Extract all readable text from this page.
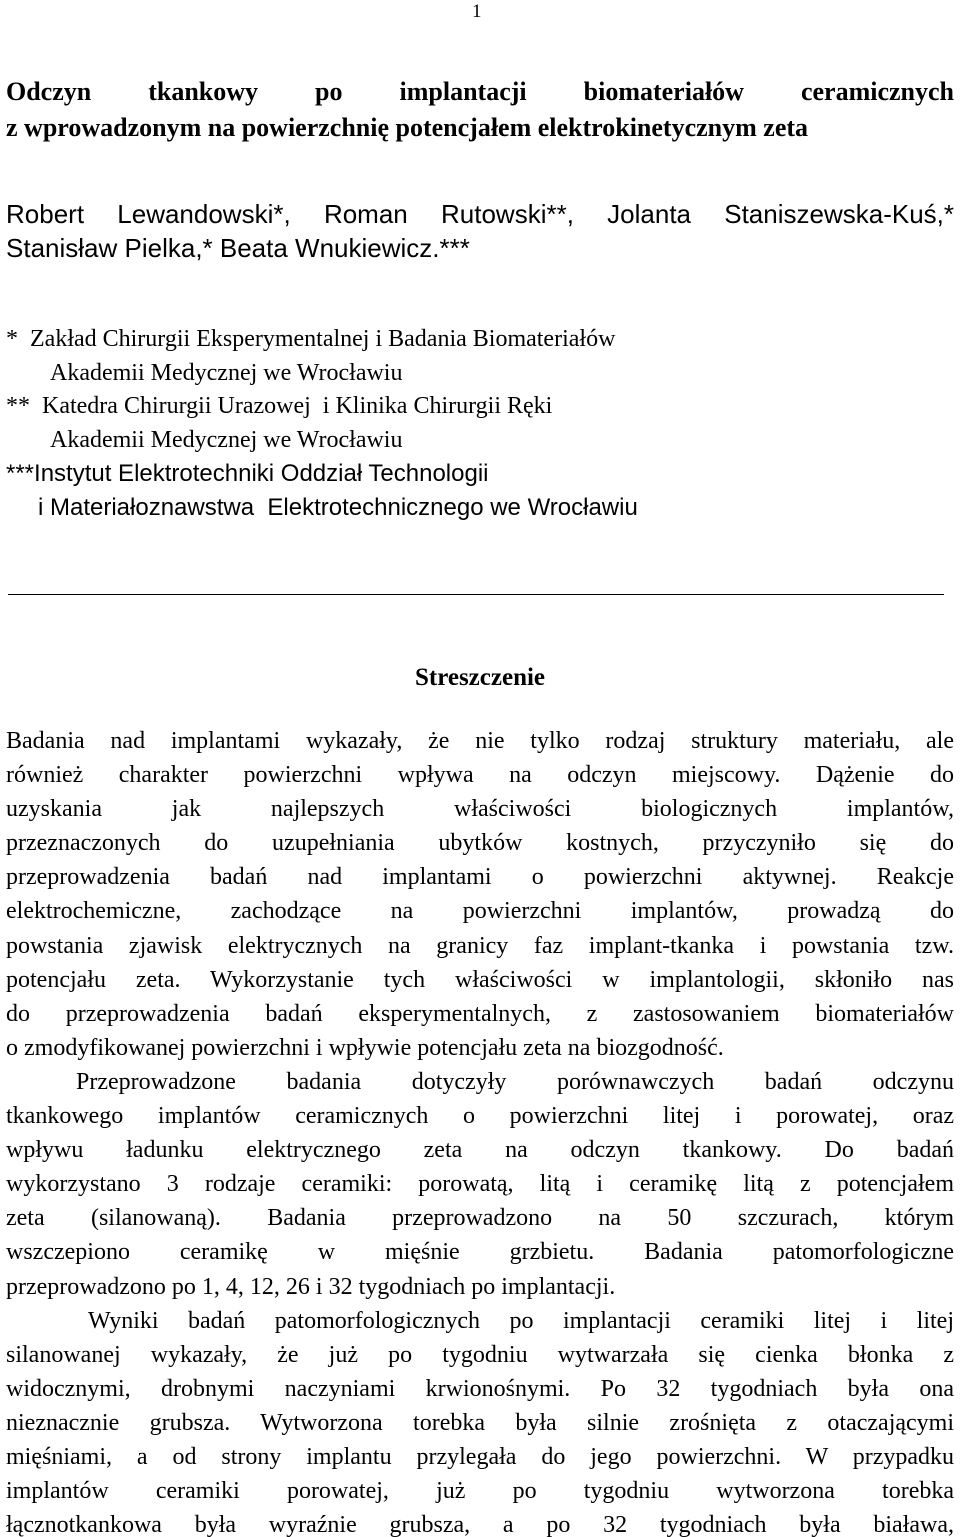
1
Odczyn tkankowy po implantacji biomateriałów ceramicznych
z wprowadzonym na powierzchnię potencjałem elektrokinetycznym zeta
Robert Lewandowski*, Roman Rutowski**, Jolanta Staniszewska-Kuś,*
Stanisław Pielka,* Beata Wnukiewicz.***
*  Zakład Chirurgii Eksperymentalnej i Badania Biomateriałów
Akademii Medycznej we Wrocławiu
**  Katedra Chirurgii Urazowej  i Klinika Chirurgii Ręki
Akademii Medycznej we Wrocławiu
***Instytut Elektrotechniki Oddział Technologii
i Materiałoznawstwa  Elektrotechnicznego we Wrocławiu
Streszczenie
Badania nad implantami wykazały, że nie tylko rodzaj struktury materiału, ale
również charakter powierzchni wpływa na odczyn miejscowy. Dążenie do
uzyskania jak najlepszych właściwości biologicznych implantów,
przeznaczonych do uzupełniania ubytków kostnych, przyczyniło się do
przeprowadzenia badań nad implantami o powierzchni aktywnej. Reakcje
elektrochemiczne, zachodzące na powierzchni implantów, prowadzą do
powstania zjawisk elektrycznych na granicy faz implant-tkanka i powstania tzw.
potencjału zeta. Wykorzystanie tych właściwości w implantologii, skłoniło nas
do przeprowadzenia badań eksperymentalnych, z zastosowaniem biomateriałów
o zmodyfikowanej powierzchni i wpływie potencjału zeta na biozgodność.
Przeprowadzone badania dotyczyły porównawczych badań odczynu
tkankowego implantów ceramicznych o powierzchni litej i porowatej, oraz
wpływu ładunku elektrycznego zeta na odczyn tkankowy. Do badań
wykorzystano 3 rodzaje ceramiki: porowatą, litą i ceramikę litą z potencjałem
zeta (silanowaną). Badania przeprowadzono na 50 szczurach, którym
wszczepiono ceramikę w mięśnie grzbietu. Badania patomorfologiczne
przeprowadzono po 1, 4, 12, 26 i 32 tygodniach po implantacji.
Wyniki badań patomorfologicznych po implantacji ceramiki litej i litej
silanowanej wykazały, że już po tygodniu wytwarzała się cienka błonka z
widocznymi, drobnymi naczyniami krwionośnymi. Po 32 tygodniach była ona
nieznacznie grubsza. Wytworzona torebka była silnie zrośnięta z otaczającymi
mięśniami, a od strony implantu przylegała do jego powierzchni. W przypadku
implantów ceramiki porowatej, już po tygodniu wytworzona torebka
łącznotkankowa była wyraźnie grubsza, a po 32 tygodniach była biaława,
